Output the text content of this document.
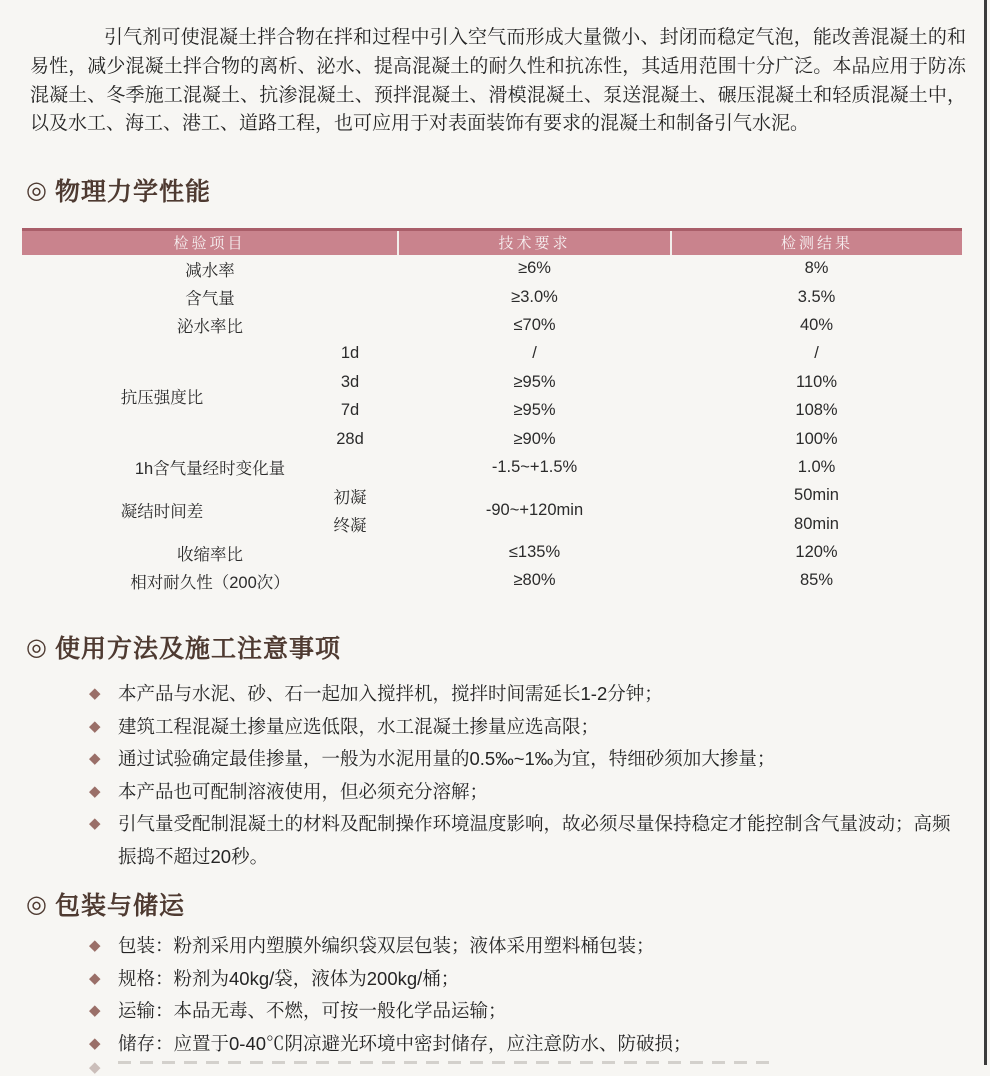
引气剂可使混凝土拌合物在拌和过程中引入空气而形成大量微小、封闭而稳定气泡，能改善混凝土的和易性，减少混凝土拌合物的离析、泌水、提高混凝土的耐久性和抗冻性，其适用范围十分广泛。本品应用于防冻混凝土、冬季施工混凝土、抗渗混凝土、预拌混凝土、滑模混凝土、泵送混凝土、碾压混凝土和轻质混凝土中，以及水工、海工、港工、道路工程，也可应用于对表面装饰有要求的混凝土和制备引气水泥。

◎ 物理力学性能
检验项目		技术要求	检测结果
减水率		≥6%	8%
含气量		≥3.0%	3.5%
泌水率比		≤70%	40%
抗压强度比	1d	/	/
	3d	≥95%	110%
	7d	≥95%	108%
	28d	≥90%	100%
1h含气量经时变化量		-1.5~+1.5%	1.0%
凝结时间差	初凝	-90~+120min	50min
	终凝		80min
收缩率比		≤135%	120%
相对耐久性（200次）		≥80%	85%
◎ 使用方法及施工注意事项
◆ 本产品与水泥、砂、石一起加入搅拌机，搅拌时间需延长1-2分钟；
◆ 建筑工程混凝土掺量应选低限，水工混凝土掺量应选高限；
◆ 通过试验确定最佳掺量，一般为水泥用量的0.5‰~1‰为宜，特细砂须加大掺量；
◆ 本产品也可配制溶液使用，但必须充分溶解；
◆ 引气量受配制混凝土的材料及配制操作环境温度影响，故必须尽量保持稳定才能控制含气量波动；高频振捣不超过20秒。
◎ 包装与储运
◆ 包装：粉剂采用内塑膜外编织袋双层包装；液体采用塑料桶包装；
◆ 规格：粉剂为40kg/袋，液体为200kg/桶；
◆ 运输：本品无毒、不燃，可按一般化学品运输；
◆ 储存：应置于0-40℃阴凉避光环境中密封储存，应注意防水、防破损；
◆
